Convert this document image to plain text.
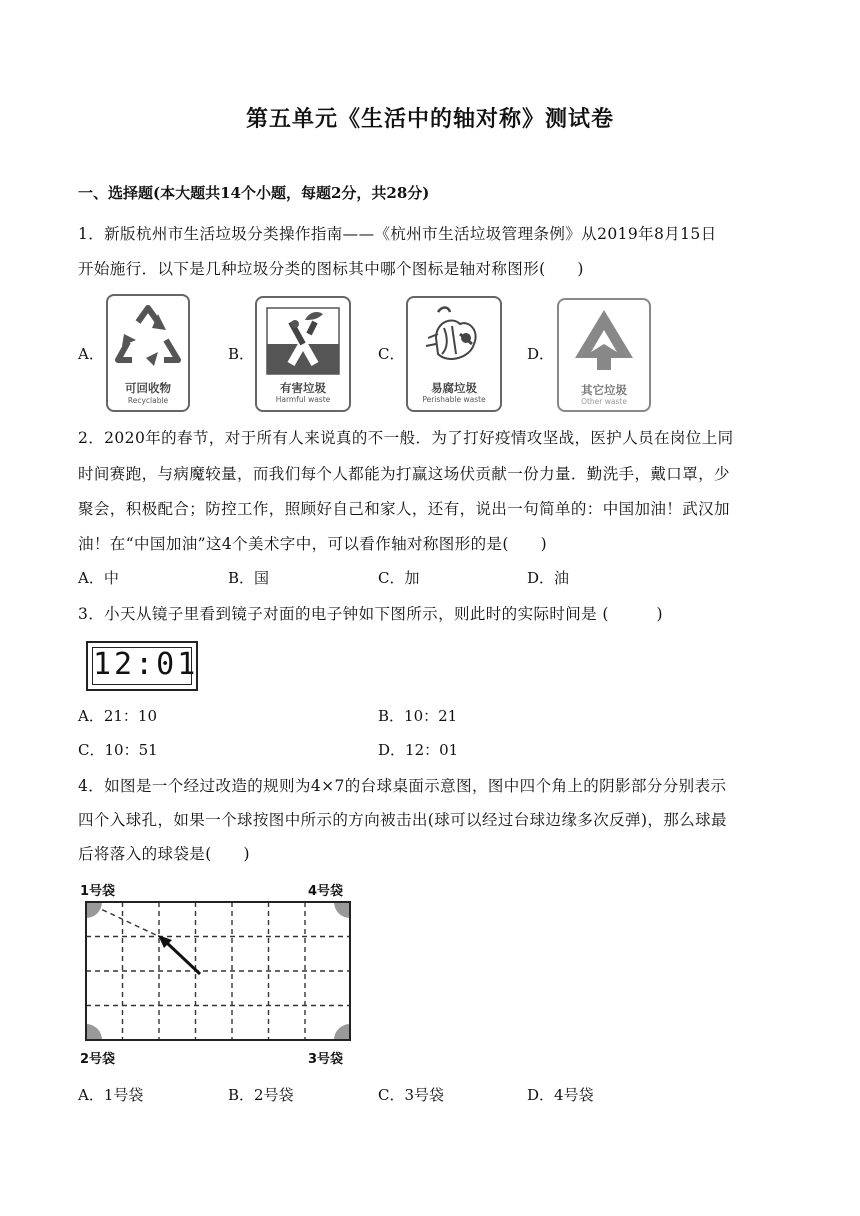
第五单元《生活中的轴对称》测试卷
一、选择题(本大题共14个小题，每题2分，共28分)
1．新版杭州市生活垃圾分类操作指南——《杭州市生活垃圾管理条例》从2019年8月15日
开始施行．以下是几种垃圾分类的图标其中哪个图标是轴对称图形(　　)
A．
可回收物
Recyclable
B．
有害垃圾
Harmful waste
C．
易腐垃圾
Perishable waste
D．
其它垃圾
Other waste
2．2020年的春节，对于所有人来说真的不一般．为了打好疫情攻坚战，医护人员在岗位上同
时间赛跑，与病魔较量，而我们每个人都能为打赢这场伏贡献一份力量．勤洗手，戴口罩，少
聚会，积极配合；防控工作，照顾好自己和家人，还有，说出一句简单的：中国加油！武汉加
油！在“中国加油”这4个美术字中，可以看作轴对称图形的是(　　)
A．中	B．国	C．加	D．油
3．小天从镜子里看到镜子对面的电子钟如下图所示，则此时的实际时间是 (　　　)
12:01
A．21：10	B．10：21
C．10：51	D．12：01
4．如图是一个经过改造的规则为4×7的台球桌面示意图，图中四个角上的阴影部分分别表示
四个入球孔，如果一个球按图中所示的方向被击出(球可以经过台球边缘多次反弹)，那么球最
后将落入的球袋是(　　)
1号袋	4号袋
2号袋	3号袋
A．1号袋	B．2号袋	C．3号袋	D．4号袋
